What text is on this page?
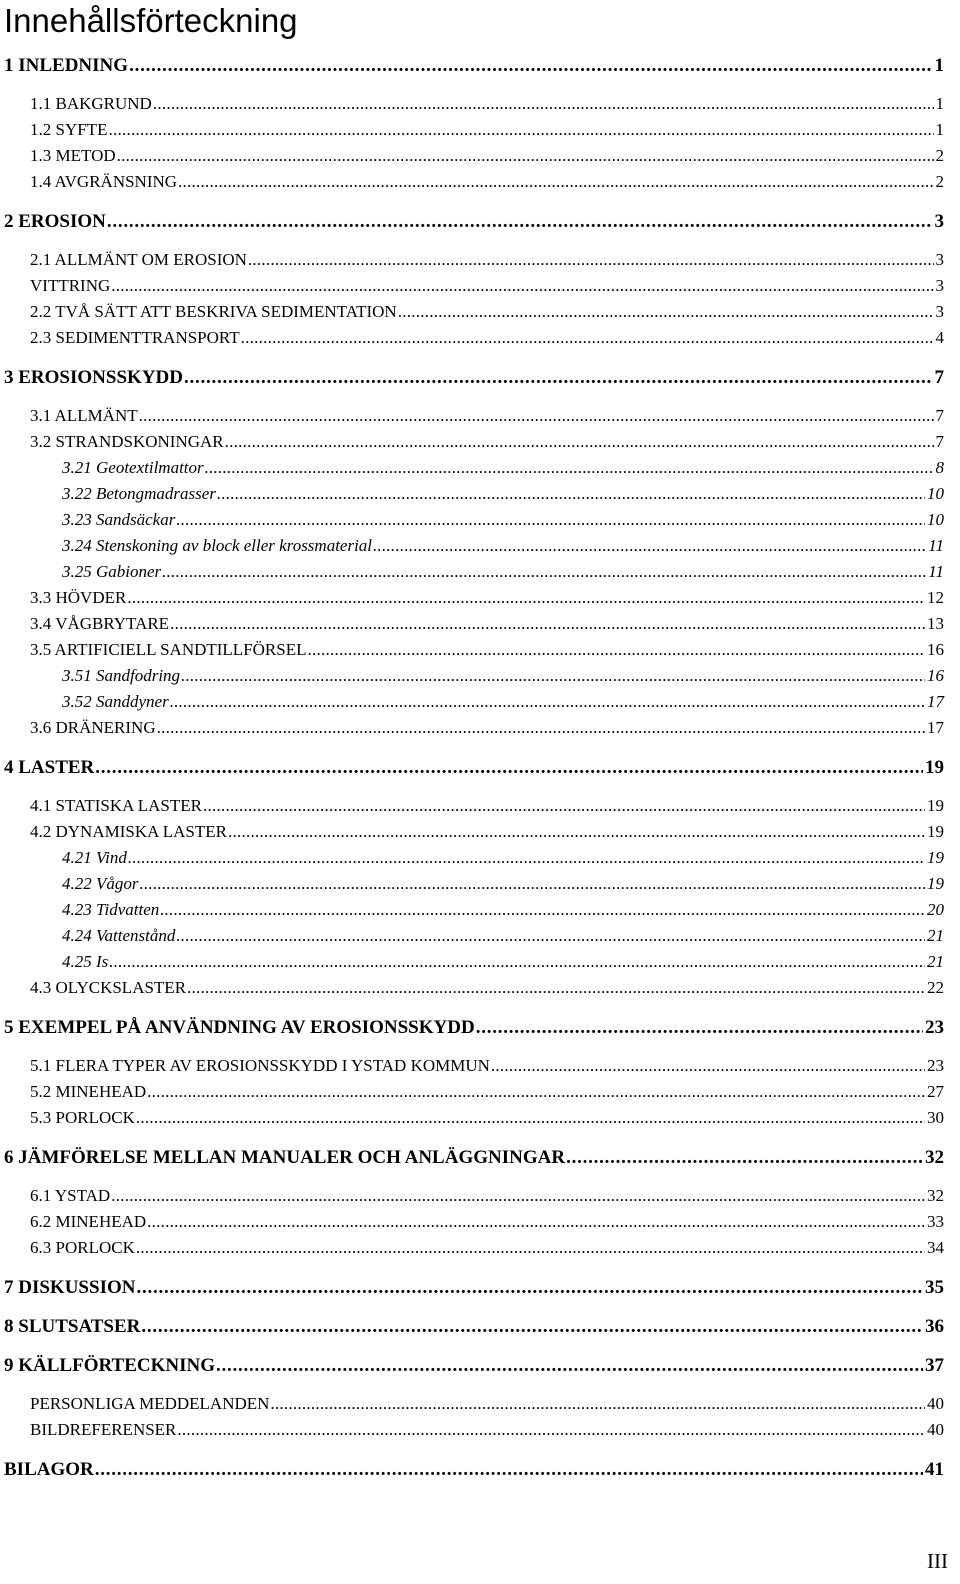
Innehållsförteckning
1 INLEDNING . . .	1
1.1 BAKGRUND . . .	1
1.2 SYFTE . . .	1
1.3 METOD . . .	2
1.4 AVGRÄNSNING . . .	2
2 EROSION . . .	3
2.1 ALLMÄNT OM EROSION . . .	3
VITTRING . . .	3
2.2 TVÅ SÄTT ATT BESKRIVA SEDIMENTATION . . .	3
2.3 SEDIMENTTRANSPORT . . .	4
3 EROSIONSSKYDD . . .	7
3.1 ALLMÄNT . . .	7
3.2 STRANDSKONINGAR . . .	7
3.21 Geotextilmattor . . .	8
3.22 Betongmadrasser . . .	10
3.23 Sandsäckar . . .	10
3.24 Stenskoning av block eller krossmaterial . . .	11
3.25 Gabioner . . .	11
3.3 HÖVDER . . .	12
3.4 VÅGBRYTARE . . .	13
3.5 ARTIFICIELL SANDTILLFÖRSEL . . .	16
3.51 Sandfodring . . .	16
3.52 Sanddyner . . .	17
3.6 DRÄNERING . . .	17
4 LASTER . . .	19
4.1 STATISKA LASTER . . .	19
4.2 DYNAMISKA LASTER . . .	19
4.21 Vind . . .	19
4.22 Vågor . . .	19
4.23 Tidvatten . . .	20
4.24 Vattenstånd . . .	21
4.25 Is . . .	21
4.3 OLYCKSLASTER . . .	22
5 EXEMPEL PÅ ANVÄNDNING AV EROSIONSSKYDD . . .	23
5.1 FLERA TYPER AV EROSIONSSKYDD I YSTAD KOMMUN . . .	23
5.2 MINEHEAD . . .	27
5.3 PORLOCK . . .	30
6 JÄMFÖRELSE MELLAN MANUALER OCH ANLÄGGNINGAR . . .	32
6.1 YSTAD . . .	32
6.2 MINEHEAD . . .	33
6.3 PORLOCK . . .	34
7 DISKUSSION . . .	35
8 SLUTSATSER . . .	36
9 KÄLLFÖRTECKNING . . .	37
PERSONLIGA MEDDELANDEN . . .	40
BILDREFERENSER . . .	40
BILAGOR . . .	41
III
